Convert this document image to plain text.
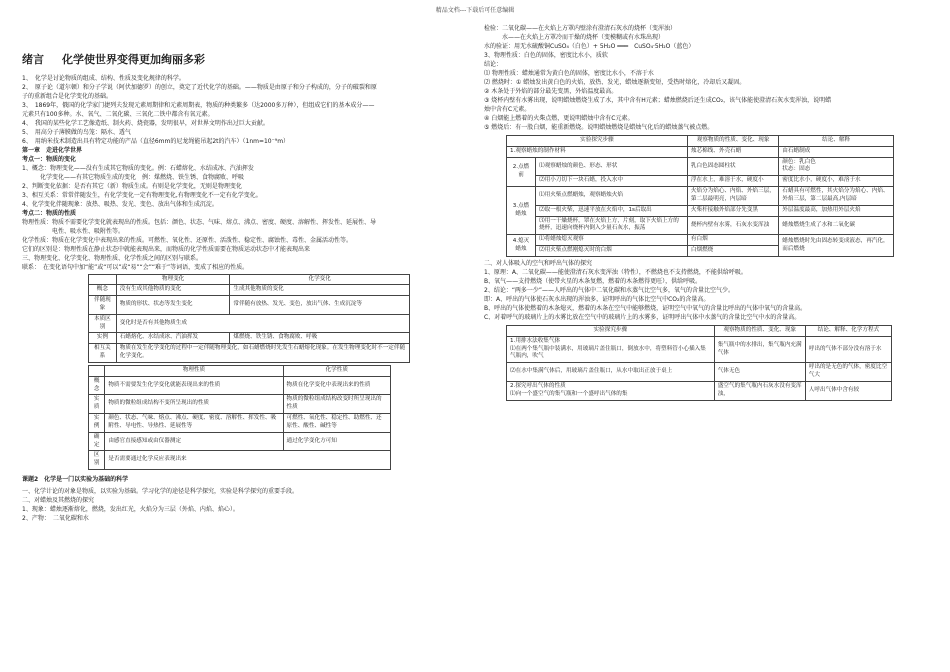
精品文档---下载后可任意编辑
绪言 化学使世界变得更加绚丽多彩
1、　化学是讨论物质的组成、结构、性质及变化规律的科学。
2、　原子论（道尔顿）和分子学说（阿伏加德罗）的创立，奠定了近代化学的基础。——物质是由原子和分子构成的，分子的破裂和原
子的重新组合是化学变化的基础。
3、　1869年，俄国的化学家门捷列夫发现元素周期律和元素周期表，物质的种类繁多（达2000多万种），但组成它们的基本成分——
元素只有100多种。水、氧气、二氧化碳、三氧化二铁中都含有氧元素。
4、　我国的某些化学工艺像造纸、制火药、烧瓷器，发明很早，对世界文明作出过巨大贡献。
5、　用高分子薄膜做的鸟笼：隔水、透气
6、　用纳米技术制造出具有特定功能的产品（直径6mm的尼龙绳能吊起2t的汽车）（1nm=10⁻⁹m）
第一章　走进化学世界
考点一：物质的变化
1、概念：物理变化——没有生成其它物质的变化。例：石蜡熔化、水结成冰、汽油挥发
　　　化学变化——有其它物质生成的变化　例：煤燃烧、铁生锈、食物腐败、呼吸
2、判断变化依据：是否有其它（新）物质生成。有则是化学变化，无则是物理变化
3、相互关系：常常伴随发生，有化学变化一定有物理变化,有物理变化不一定有化学变化。
4、化学变化伴随现象：放热、吸热、发光、变色、放出气体和生成沉淀。
考点二：物质的性质
物理性质：物质不需要化学变化就表现出的性质。包括：颜色、状态、气味、熔点、沸点、密度、硬度、溶解性、挥发性、延展性、导
　　　　　电性、吸水性、吸附性等。
化学性质：物质在化学变化中表现出来的性质。可燃性、氧化性、还原性、活泼性、稳定性、腐蚀性、毒性、金属活动性等。
它们的区别是：物理性质在静止状态中就能表现出来，而物质的化学性质需要在物质运动状态中才能表现出来
三、物理变化、化学变化、物理性质、化学性质之间的区别与联系。
联系：　在变化语句中加“能”或“可以”或“易”“会”“难于”等词语，变成了相应的性质。
	物理变化	化学变化
概念	没有生成其他物质的变化	生成其他物质的变化
伴随现象	物质的形状、状态等发生变化	常伴随有放热、发光、变色，放出气体、生成沉淀等
本质区别	变化时是否有其他物质生成	
实例	石蜡熔化、水结成冰、汽油挥发	煤燃烧、铁生锈、食物腐败、呼吸
相互关系	物质在发生化学变化的过程中一定伴随物理变化，如石蜡燃烧时先发生石蜡熔化现象。在发生物理变化时不一定伴随化学变化。	
	物理性质	化学性质
概念	物质不需要发生化学变化就能表现出来的性质	物质在化学变化中表现出来的性质
实质	物质的微粒组成结构不变所呈现出的性质	物质的微粒组成结构改变时所呈现出的性质
实例	颜色、状态、气味、熔点、沸点、硬度、密度、溶解性、挥发性、吸附性、导电性、导热性、延展性等	可燃性、氧化性、稳定性、助燃性、还原性、酸性、碱性等
确定	由感官直接感知或由仪器测定	通过化学变化方可知
区别	是否需要通过化学反应表现出来	
课题2　化学是一门以实验为基础的科学
一、化学计论的对象是物质，以实验为基础。学习化学的途径是科学探究，实验是科学探究的重要手段。
二、对蜡烛及其燃烧的探究
1、现象：蜡烛逐渐熔化，燃烧，发出红光，火焰分为三层（外焰、内焰、焰心）。
2、产物：　二氧化碳和水
检验：二氧化碳——在火焰上方罩内壁涂有澄清石灰水的烧杯（变浑浊）
　　　水——在火焰上方罩冷而干燥的烧杯（变模糊或有水珠出现）
水的验证：用无水硫酸铜CuSO₄（白色）+ 5H₂O ═══　CuSO₄·5H₂O（蓝色）
3、物理性质：白色的固体，密度比水小，质软
结论：
⑴ 物理性质：蜡烛通常为黄白色的固体，密度比水小，不溶于水
⑵ 燃烧时：① 蜡烛发出黄白色的火焰，放热、发光，蜡烛逐渐变短，受热时熔化，冷却后又凝固。
② 木条处于外焰的部分最先变黑，外焰温度最高。
③ 烧杯内壁有水雾出现，说明蜡烛燃烧生成了水，其中含有H元素；蜡烛燃烧后还生成CO₂，该气体能使澄清石灰水变浑浊，说明蜡
烛中含有C元素。
④ 白烟能上燃着的火柴点燃，更说明蜡烛中含有C元素。
⑤ 燃烧后：有一股白烟，能重新燃烧。说明蜡烛燃烧是蜡烛气化后的蜡烛蒸气被点燃。
实验探究步骤		观察物质的性质、变化、现象	结论、解释
1.观察蜡烛的制作材料		烛芯棉线、外壳石蜡	由石蜡制成
2.点燃前	⑴观察蜡烛的颜色、形态、形状	乳白色固态圆柱状	颜色：乳白色
状态：固态
	⑵用小刀切下一块石蜡，投入水中	浮在水上，难溶于水，硬度小	密度比水小，硬度小，难溶于水
3.点燃蜡烛	⑴用火柴点燃蜡烛，观察蜡烛火焰	火焰分为焰心、内焰、外焰三层，第二层最明亮，内层暗	石蜡具有可燃性，其火焰分为焰心、内焰、外焰三层，第二层最高,内层暗
	⑵取一根火柴，迅速平放在火焰中，1s后取出	火柴杆接触外焰部分先变黑	外层温度最高，加热用外层火焰
	⑶用一干燥烧杯，罩在火焰上方，片刻，取下火焰上方的烧杯，迅速向烧杯内倒入少量石灰水，振荡	烧杯内壁有水雾，石灰水变浑浊	蜡烛燃烧生成了水和二氧化碳
4.熄灭蜡烛	⑴将蜡烛熄灭观察	有白烟	蜡烛燃烧时先由固态转变成液态，再汽化，而后燃烧
	⑵用火柴点燃刚熄灭时的白烟	白烟燃烧	
二、对人体吸入的空气和呼出气体的探究
1、原理：A、二氧化碳——能使澄清石灰水变浑浊（特性），不燃烧也不支持燃烧，不能供给呼吸。
B、氧气——支持燃烧（使带火星的木条复燃，燃着的木条燃得更旺），供给呼吸。
2、结论：“两多一少”——人呼出的气体中二氧化碳和水蒸气比空气多，氧气的含量比空气少。
即：A、呼出的气体使石灰水出现的浑浊多，证明呼出的气体比空气中CO₂的含量高。
B、呼出的气体使燃着的木条熄灭，燃着的木条在空气中能够燃烧，证明空气中氧气的含量比呼出的气体中氧气的含量高。
C、对着呼气的玻璃片上的水雾比放在空气中的玻璃片上的水雾多，证明呼出气体中水蒸气的含量比空气中水的含量高。
实验探究步骤	观察物质的性质、变化、现象	结论、解释、化学方程式
1.用排水法收集气体
⑴在两个集气瓶中装满水，用玻璃片盖住瓶口，倒放水中，将塑料管小心插入集气瓶内，吹气	集气瓶中的水排出，集气瓶内充满气体	呼出的气体不部分没有溶于水
⑵在水中集满气体后，用玻璃片盖住瓶口，从水中取出正放于桌上	气体无色	呼出的是无色的气体，密度比空气大
2.探究呼出气体的性质
⑴向一个盛空气的集气瓶和一个盛呼出气体的集	盛空气的集气瓶内石灰水没有变浑浊，	人呼出气体中含有较
